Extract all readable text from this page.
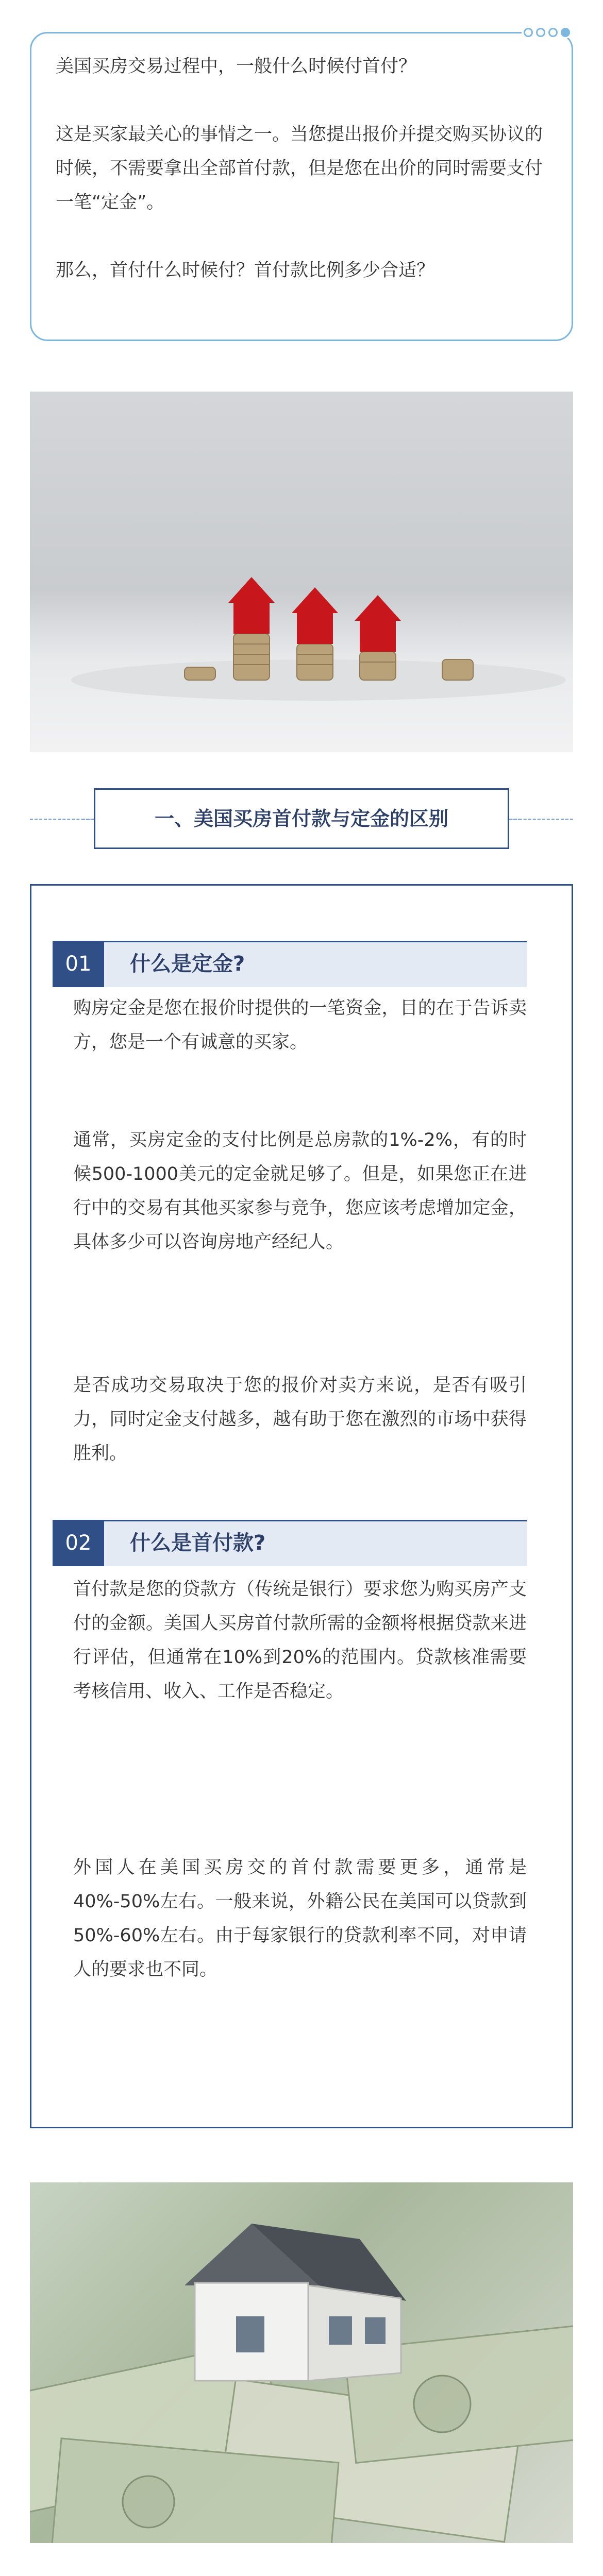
美国买房交易过程中，一般什么时候付首付？

这是买家最关心的事情之一。当您提出报价并提交购买协议的时候，不需要拿出全部首付款，但是您在出价的同时需要支付一笔“定金”。

那么，首付什么时候付？首付款比例多少合适？

一、美国买房首付款与定金的区别
01	什么是定金?
购房定金是您在报价时提供的一笔资金，目的在于告诉卖方，您是一个有诚意的买家。
通常，买房定金的支付比例是总房款的1%-2%，有的时候500-1000美元的定金就足够了。但是，如果您正在进行中的交易有其他买家参与竞争，您应该考虑增加定金，具体多少可以咨询房地产经纪人。
是否成功交易取决于您的报价对卖方来说，是否有吸引力，同时定金支付越多，越有助于您在激烈的市场中获得胜利。
02	什么是首付款?
首付款是您的贷款方（传统是银行）要求您为购买房产支付的金额。美国人买房首付款所需的金额将根据贷款来进行评估，但通常在10%到20%的范围内。贷款核准需要考核信用、收入、工作是否稳定。
外国人在美国买房交的首付款需要更多，通常是40%-50%左右。一般来说，外籍公民在美国可以贷款到50%-60%左右。由于每家银行的贷款利率不同，对申请人的要求也不同。
